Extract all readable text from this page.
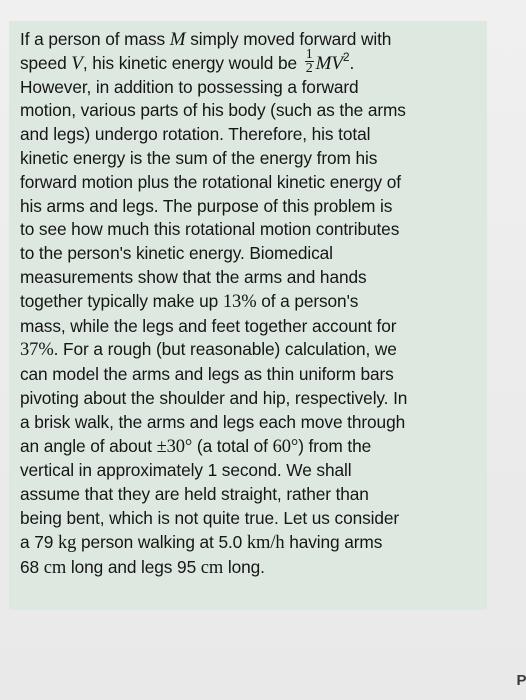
If a person of mass M simply moved forward with
speed V, his kinetic energy would be $\frac{1}{2} MV^2$.
However, in addition to possessing a forward
motion, various parts of his body (such as the arms
and legs) undergo rotation. Therefore, his total
kinetic energy is the sum of the energy from his
forward motion plus the rotational kinetic energy of
his arms and legs. The purpose of this problem is
to see how much this rotational motion contributes
to the person's kinetic energy. Biomedical
measurements show that the arms and hands
together typically make up 13% of a person's
mass, while the legs and feet together account for
37%. For a rough (but reasonable) calculation, we
can model the arms and legs as thin uniform bars
pivoting about the shoulder and hip, respectively. In
a brisk walk, the arms and legs each move through
an angle of about ±30° (a total of 60°) from the
vertical in approximately 1 second. We shall
assume that they are held straight, rather than
being bent, which is not quite true. Let us consider
a 79 kg person walking at 5.0 km/h having arms
68 cm long and legs 95 cm long.

P
